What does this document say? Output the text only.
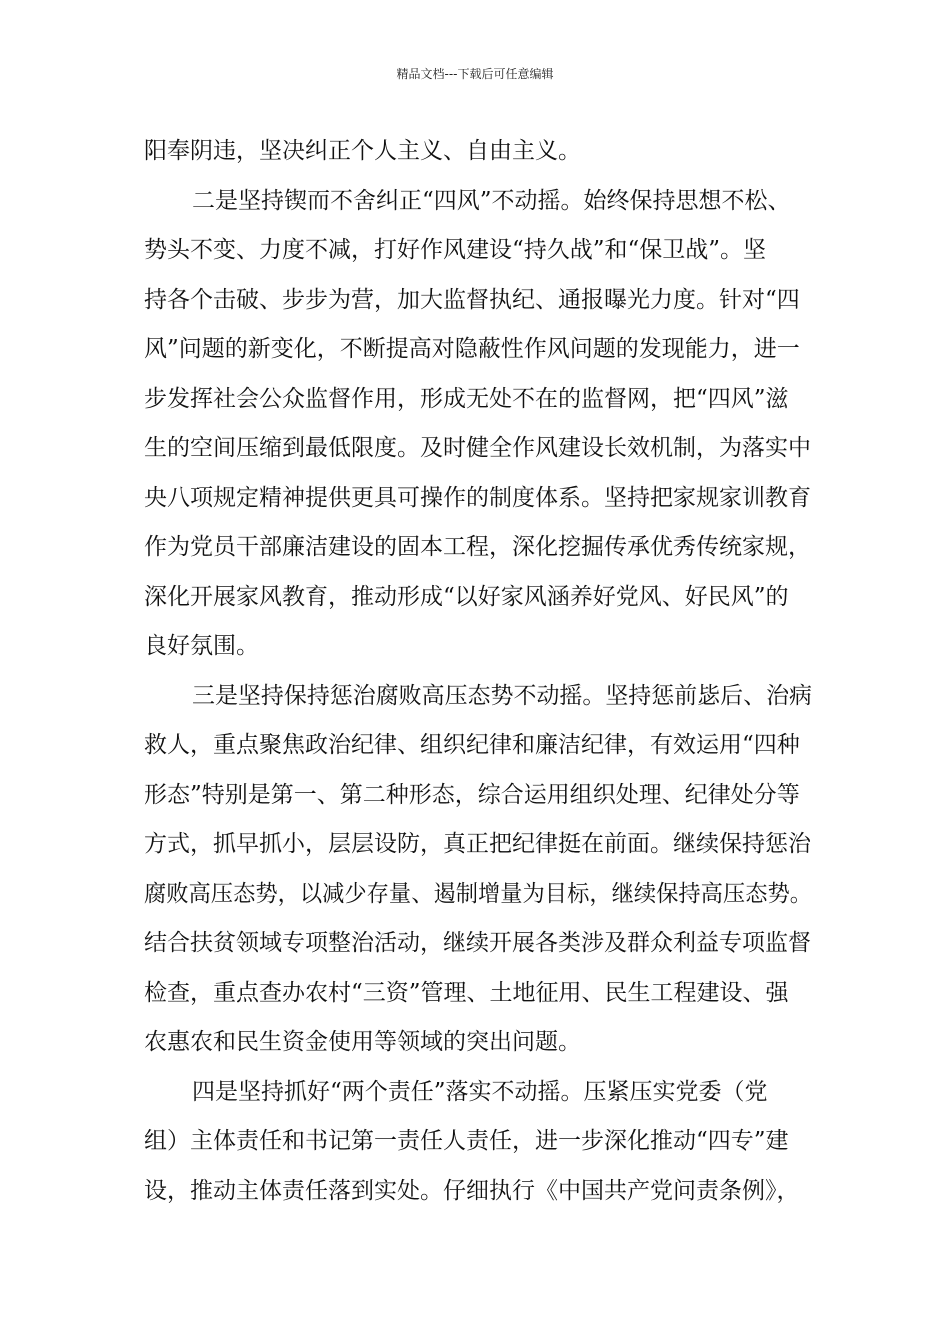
精品文档---下载后可任意编辑
阳奉阴违，坚决纠正个人主义、自由主义。
二是坚持锲而不舍纠正“四风”不动摇。始终保持思想不松、
势头不变、力度不减，打好作风建设“持久战”和“保卫战”。坚
持各个击破、步步为营，加大监督执纪、通报曝光力度。针对“四
风”问题的新变化，不断提高对隐蔽性作风问题的发现能力，进一
步发挥社会公众监督作用，形成无处不在的监督网，把“四风”滋
生的空间压缩到最低限度。及时健全作风建设长效机制，为落实中
央八项规定精神提供更具可操作的制度体系。坚持把家规家训教育
作为党员干部廉洁建设的固本工程，深化挖掘传承优秀传统家规，
深化开展家风教育，推动形成“以好家风涵养好党风、好民风”的
良好氛围。
三是坚持保持惩治腐败高压态势不动摇。坚持惩前毖后、治病
救人，重点聚焦政治纪律、组织纪律和廉洁纪律，有效运用“四种
形态”特别是第一、第二种形态，综合运用组织处理、纪律处分等
方式，抓早抓小，层层设防，真正把纪律挺在前面。继续保持惩治
腐败高压态势，以减少存量、遏制增量为目标，继续保持高压态势。
结合扶贫领域专项整治活动，继续开展各类涉及群众利益专项监督
检查，重点查办农村“三资”管理、土地征用、民生工程建设、强
农惠农和民生资金使用等领域的突出问题。
四是坚持抓好“两个责任”落实不动摇。压紧压实党委（党
组）主体责任和书记第一责任人责任，进一步深化推动“四专”建
设，推动主体责任落到实处。仔细执行《中国共产党问责条例》，
